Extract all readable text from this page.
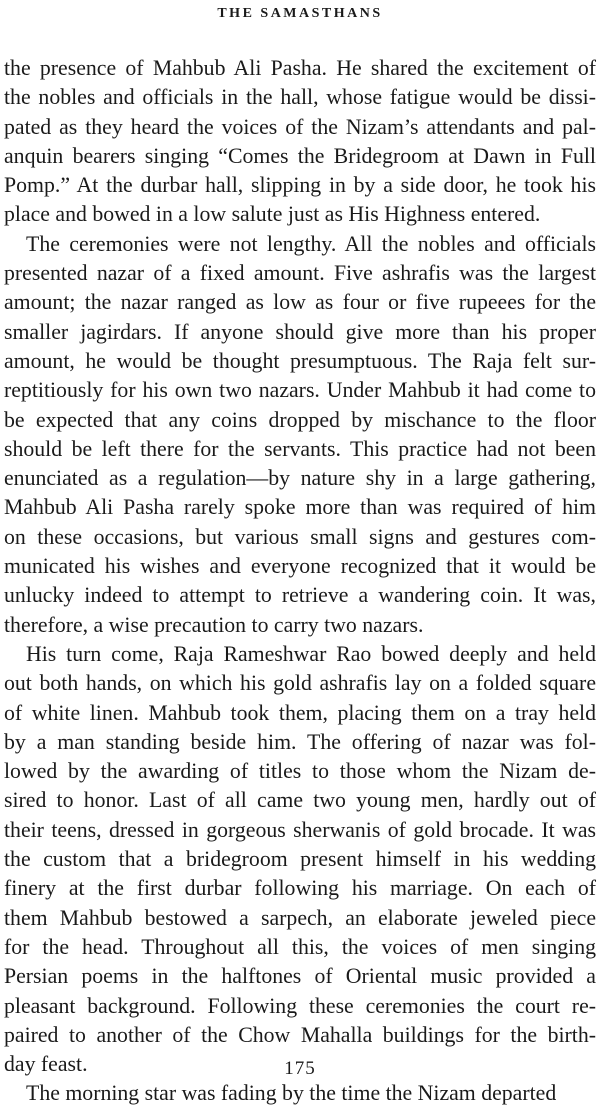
THE SAMASTHANS
the presence of Mahbub Ali Pasha. He shared the excitement of
the nobles and officials in the hall, whose fatigue would be dissi-
pated as they heard the voices of the Nizam’s attendants and pal-
anquin bearers singing “Comes the Bridegroom at Dawn in Full
Pomp.” At the durbar hall, slipping in by a side door, he took his
place and bowed in a low salute just as His Highness entered.
The ceremonies were not lengthy. All the nobles and officials
presented nazar of a fixed amount. Five ashrafis was the largest
amount; the nazar ranged as low as four or five rupeees for the
smaller jagirdars. If anyone should give more than his proper
amount, he would be thought presumptuous. The Raja felt sur-
reptitiously for his own two nazars. Under Mahbub it had come to
be expected that any coins dropped by mischance to the floor
should be left there for the servants. This practice had not been
enunciated as a regulation—by nature shy in a large gathering,
Mahbub Ali Pasha rarely spoke more than was required of him
on these occasions, but various small signs and gestures com-
municated his wishes and everyone recognized that it would be
unlucky indeed to attempt to retrieve a wandering coin. It was,
therefore, a wise precaution to carry two nazars.
His turn come, Raja Rameshwar Rao bowed deeply and held
out both hands, on which his gold ashrafis lay on a folded square
of white linen. Mahbub took them, placing them on a tray held
by a man standing beside him. The offering of nazar was fol-
lowed by the awarding of titles to those whom the Nizam de-
sired to honor. Last of all came two young men, hardly out of
their teens, dressed in gorgeous sherwanis of gold brocade. It was
the custom that a bridegroom present himself in his wedding
finery at the first durbar following his marriage. On each of
them Mahbub bestowed a sarpech, an elaborate jeweled piece
for the head. Throughout all this, the voices of men singing
Persian poems in the halftones of Oriental music provided a
pleasant background. Following these ceremonies the court re-
paired to another of the Chow Mahalla buildings for the birth-
day feast.
The morning star was fading by the time the Nizam departed
175
